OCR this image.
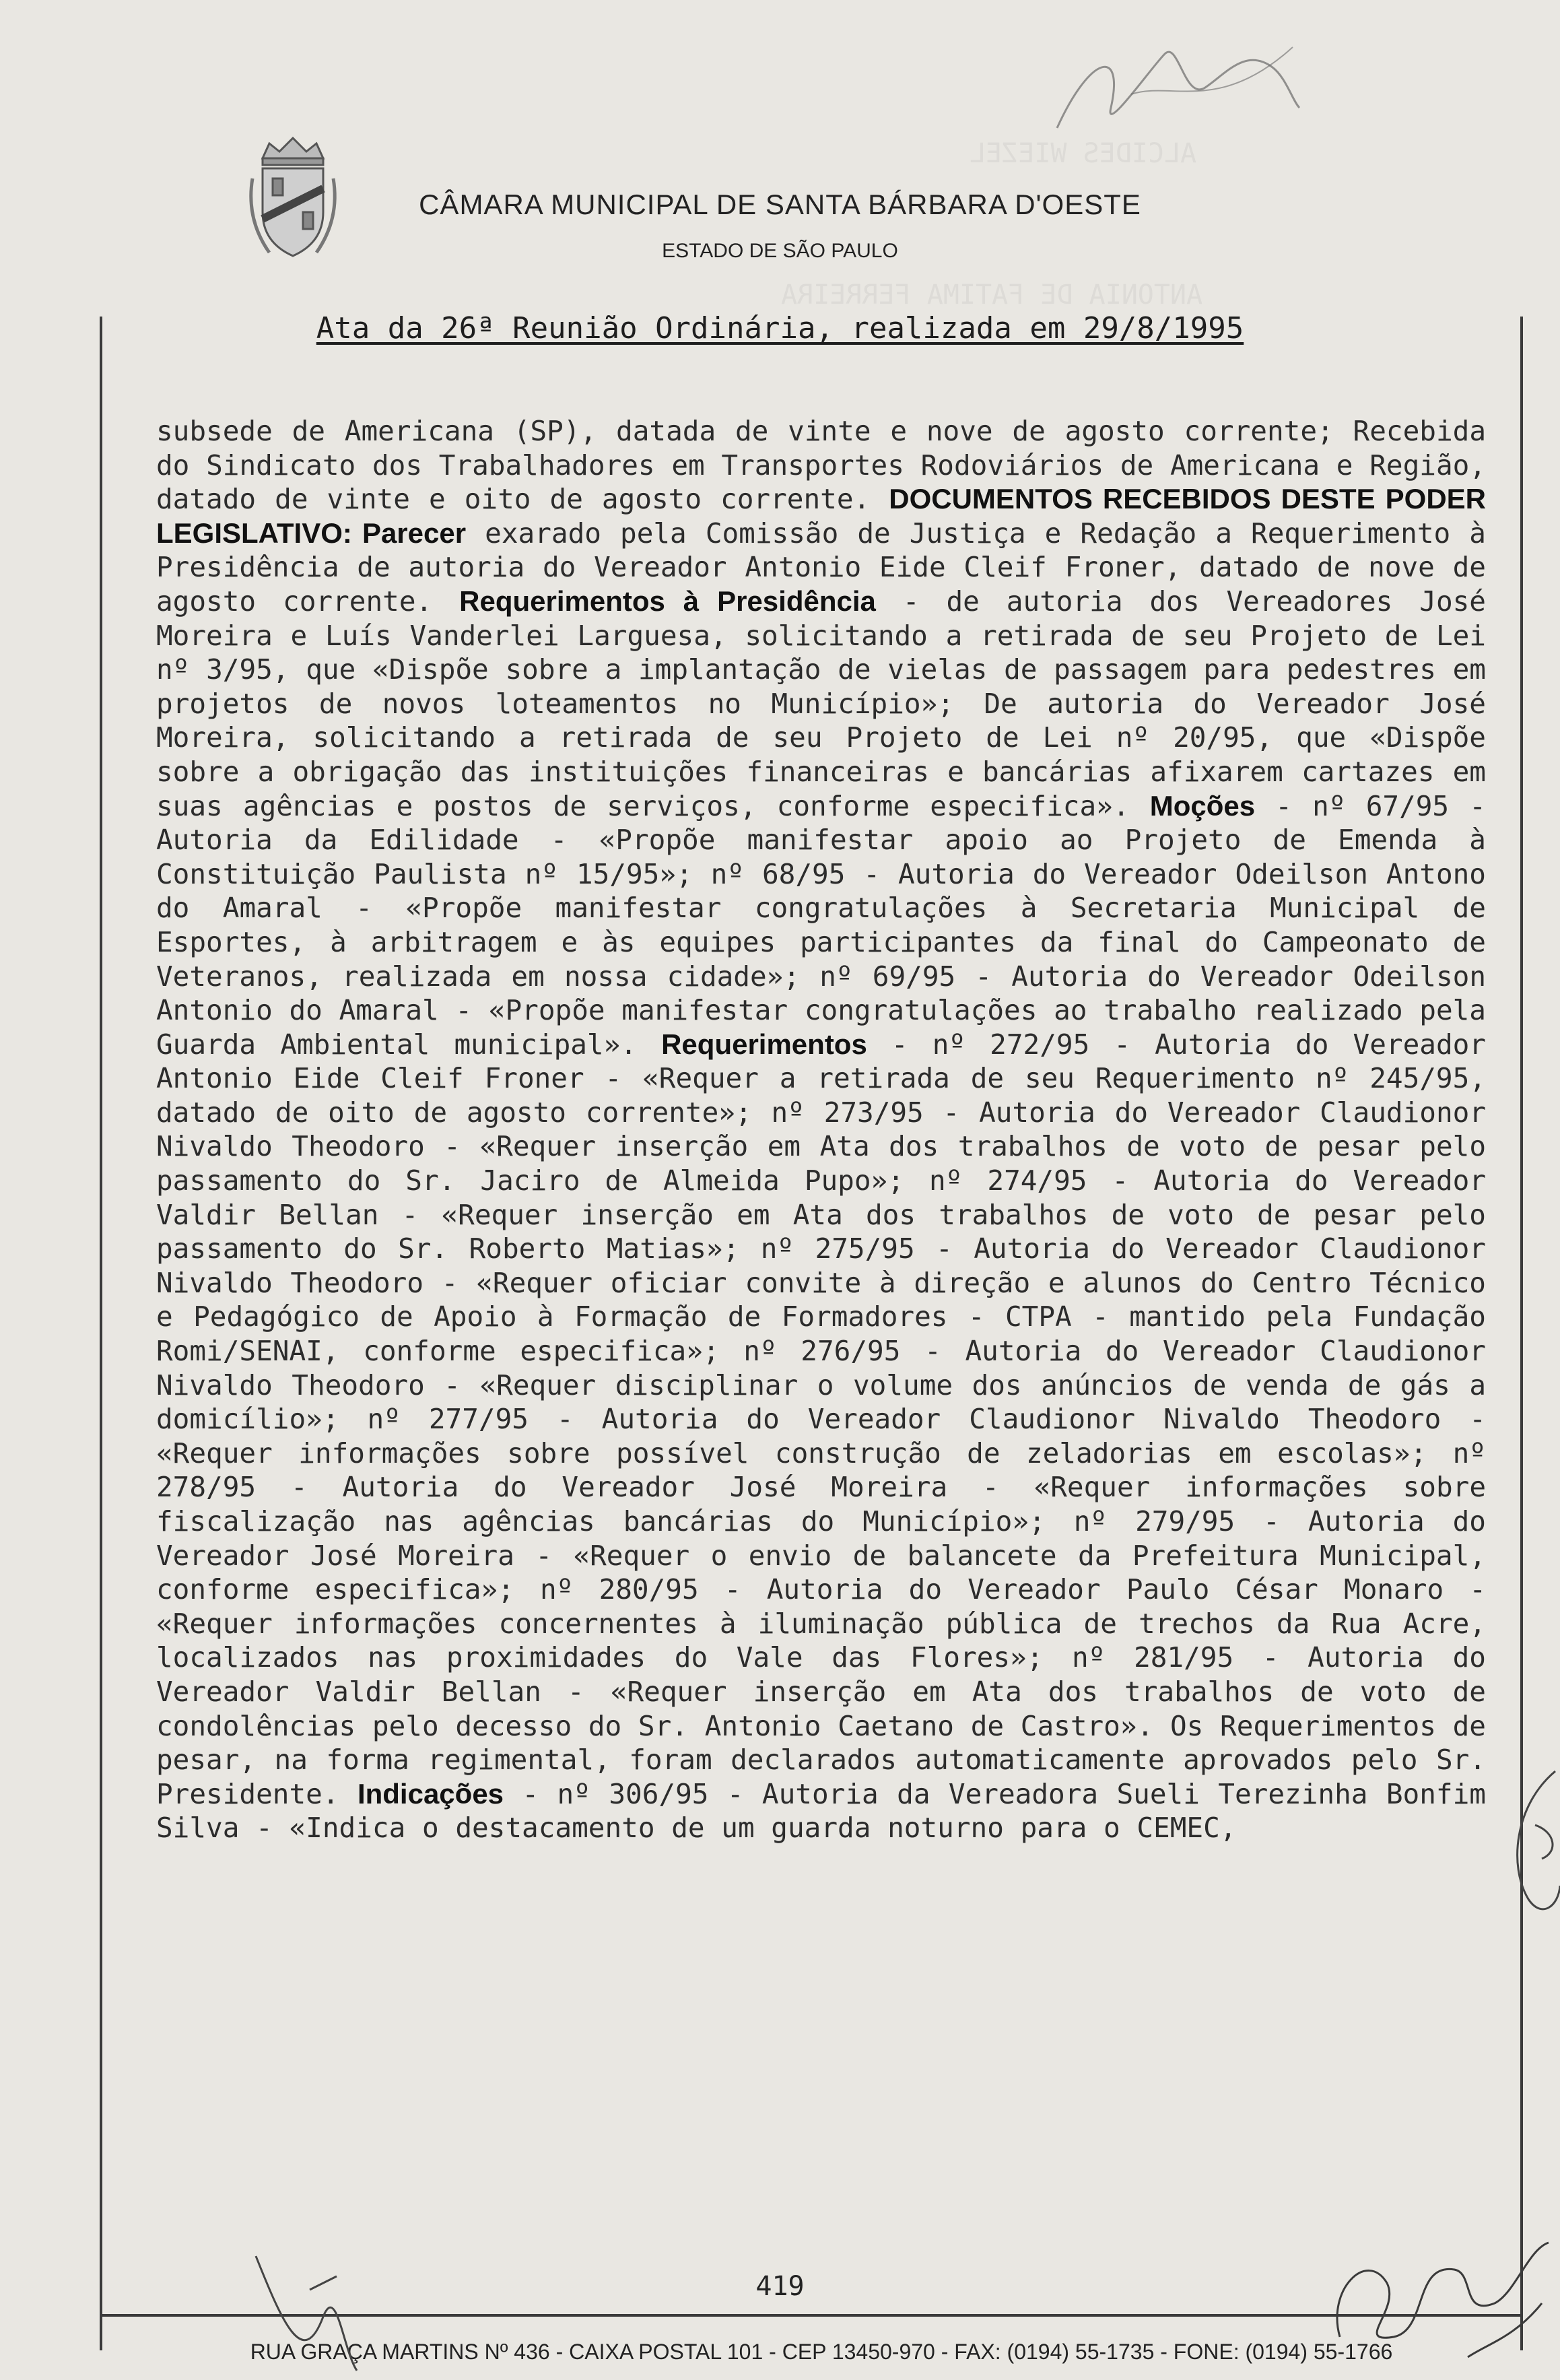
ALCIDES WIEZEL
ANTONIA DE FATIMA FERREIRA
CÂMARA MUNICIPAL DE SANTA BÁRBARA D'OESTE
ESTADO DE SÃO PAULO
Ata da 26ª Reunião Ordinária, realizada em 29/8/1995
subsede de Americana (SP), datada de vinte e nove de agosto corrente; Recebida do Sindicato dos Trabalhadores em Transportes Rodoviários de Americana e Região, datado de vinte e oito de agosto corrente. DOCUMENTOS RECEBIDOS DESTE PODER LEGISLATIVO: Parecer exarado pela Comissão de Justiça e Redação a Requerimento à Presidência de autoria do Vereador Antonio Eide Cleif Froner, datado de nove de agosto corrente. Requerimentos à Presidência - de autoria dos Vereadores José Moreira e Luís Vanderlei Larguesa, solicitando a retirada de seu Projeto de Lei nº 3/95, que «Dispõe sobre a implantação de vielas de passagem para pedestres em projetos de novos loteamentos no Município»; De autoria do Vereador José Moreira, solicitando a retirada de seu Projeto de Lei nº 20/95, que «Dispõe sobre a obrigação das instituições financeiras e bancárias afixarem cartazes em suas agências e postos de serviços, conforme especifica». Moções - nº 67/95 - Autoria da Edilidade - «Propõe manifestar apoio ao Projeto de Emenda à Constituição Paulista nº 15/95»; nº 68/95 - Autoria do Vereador Odeilson Antono do Amaral - «Propõe manifestar congratulações à Secretaria Municipal de Esportes, à arbitragem e às equipes participantes da final do Campeonato de Veteranos, realizada em nossa cidade»; nº 69/95 - Autoria do Vereador Odeilson Antonio do Amaral - «Propõe manifestar congratulações ao trabalho realizado pela Guarda Ambiental municipal». Requerimentos - nº 272/95 - Autoria do Vereador Antonio Eide Cleif Froner - «Requer a retirada de seu Requerimento nº 245/95, datado de oito de agosto corrente»; nº 273/95 - Autoria do Vereador Claudionor Nivaldo Theodoro - «Requer inserção em Ata dos trabalhos de voto de pesar pelo passamento do Sr. Jaciro de Almeida Pupo»; nº 274/95 - Autoria do Vereador Valdir Bellan - «Requer inserção em Ata dos trabalhos de voto de pesar pelo passamento do Sr. Roberto Matias»; nº 275/95 - Autoria do Vereador Claudionor Nivaldo Theodoro - «Requer oficiar convite à direção e alunos do Centro Técnico e Pedagógico de Apoio à Formação de Formadores - CTPA - mantido pela Fundação Romi/SENAI, conforme especifica»; nº 276/95 - Autoria do Vereador Claudionor Nivaldo Theodoro - «Requer disciplinar o volume dos anúncios de venda de gás a domicílio»; nº 277/95 - Autoria do Vereador Claudionor Nivaldo Theodoro - «Requer informações sobre possível construção de zeladorias em escolas»; nº 278/95 - Autoria do Vereador José Moreira - «Requer informações sobre fiscalização nas agências bancárias do Município»; nº 279/95 - Autoria do Vereador José Moreira - «Requer o envio de balancete da Prefeitura Municipal, conforme especifica»; nº 280/95 - Autoria do Vereador Paulo César Monaro - «Requer informações concernentes à iluminação pública de trechos da Rua Acre, localizados nas proximidades do Vale das Flores»; nº 281/95 - Autoria do Vereador Valdir Bellan - «Requer inserção em Ata dos trabalhos de voto de condolências pelo decesso do Sr. Antonio Caetano de Castro». Os Requerimentos de pesar, na forma regimental, foram declarados automaticamente aprovados pelo Sr. Presidente. Indicações - nº 306/95 - Autoria da Vereadora Sueli Terezinha Bonfim Silva - «Indica o destacamento de um guarda noturno para o CEMEC,
419
RUA GRAÇA MARTINS Nº 436 - CAIXA POSTAL 101 - CEP 13450-970 - FAX: (0194) 55-1735 - FONE: (0194) 55-1766
